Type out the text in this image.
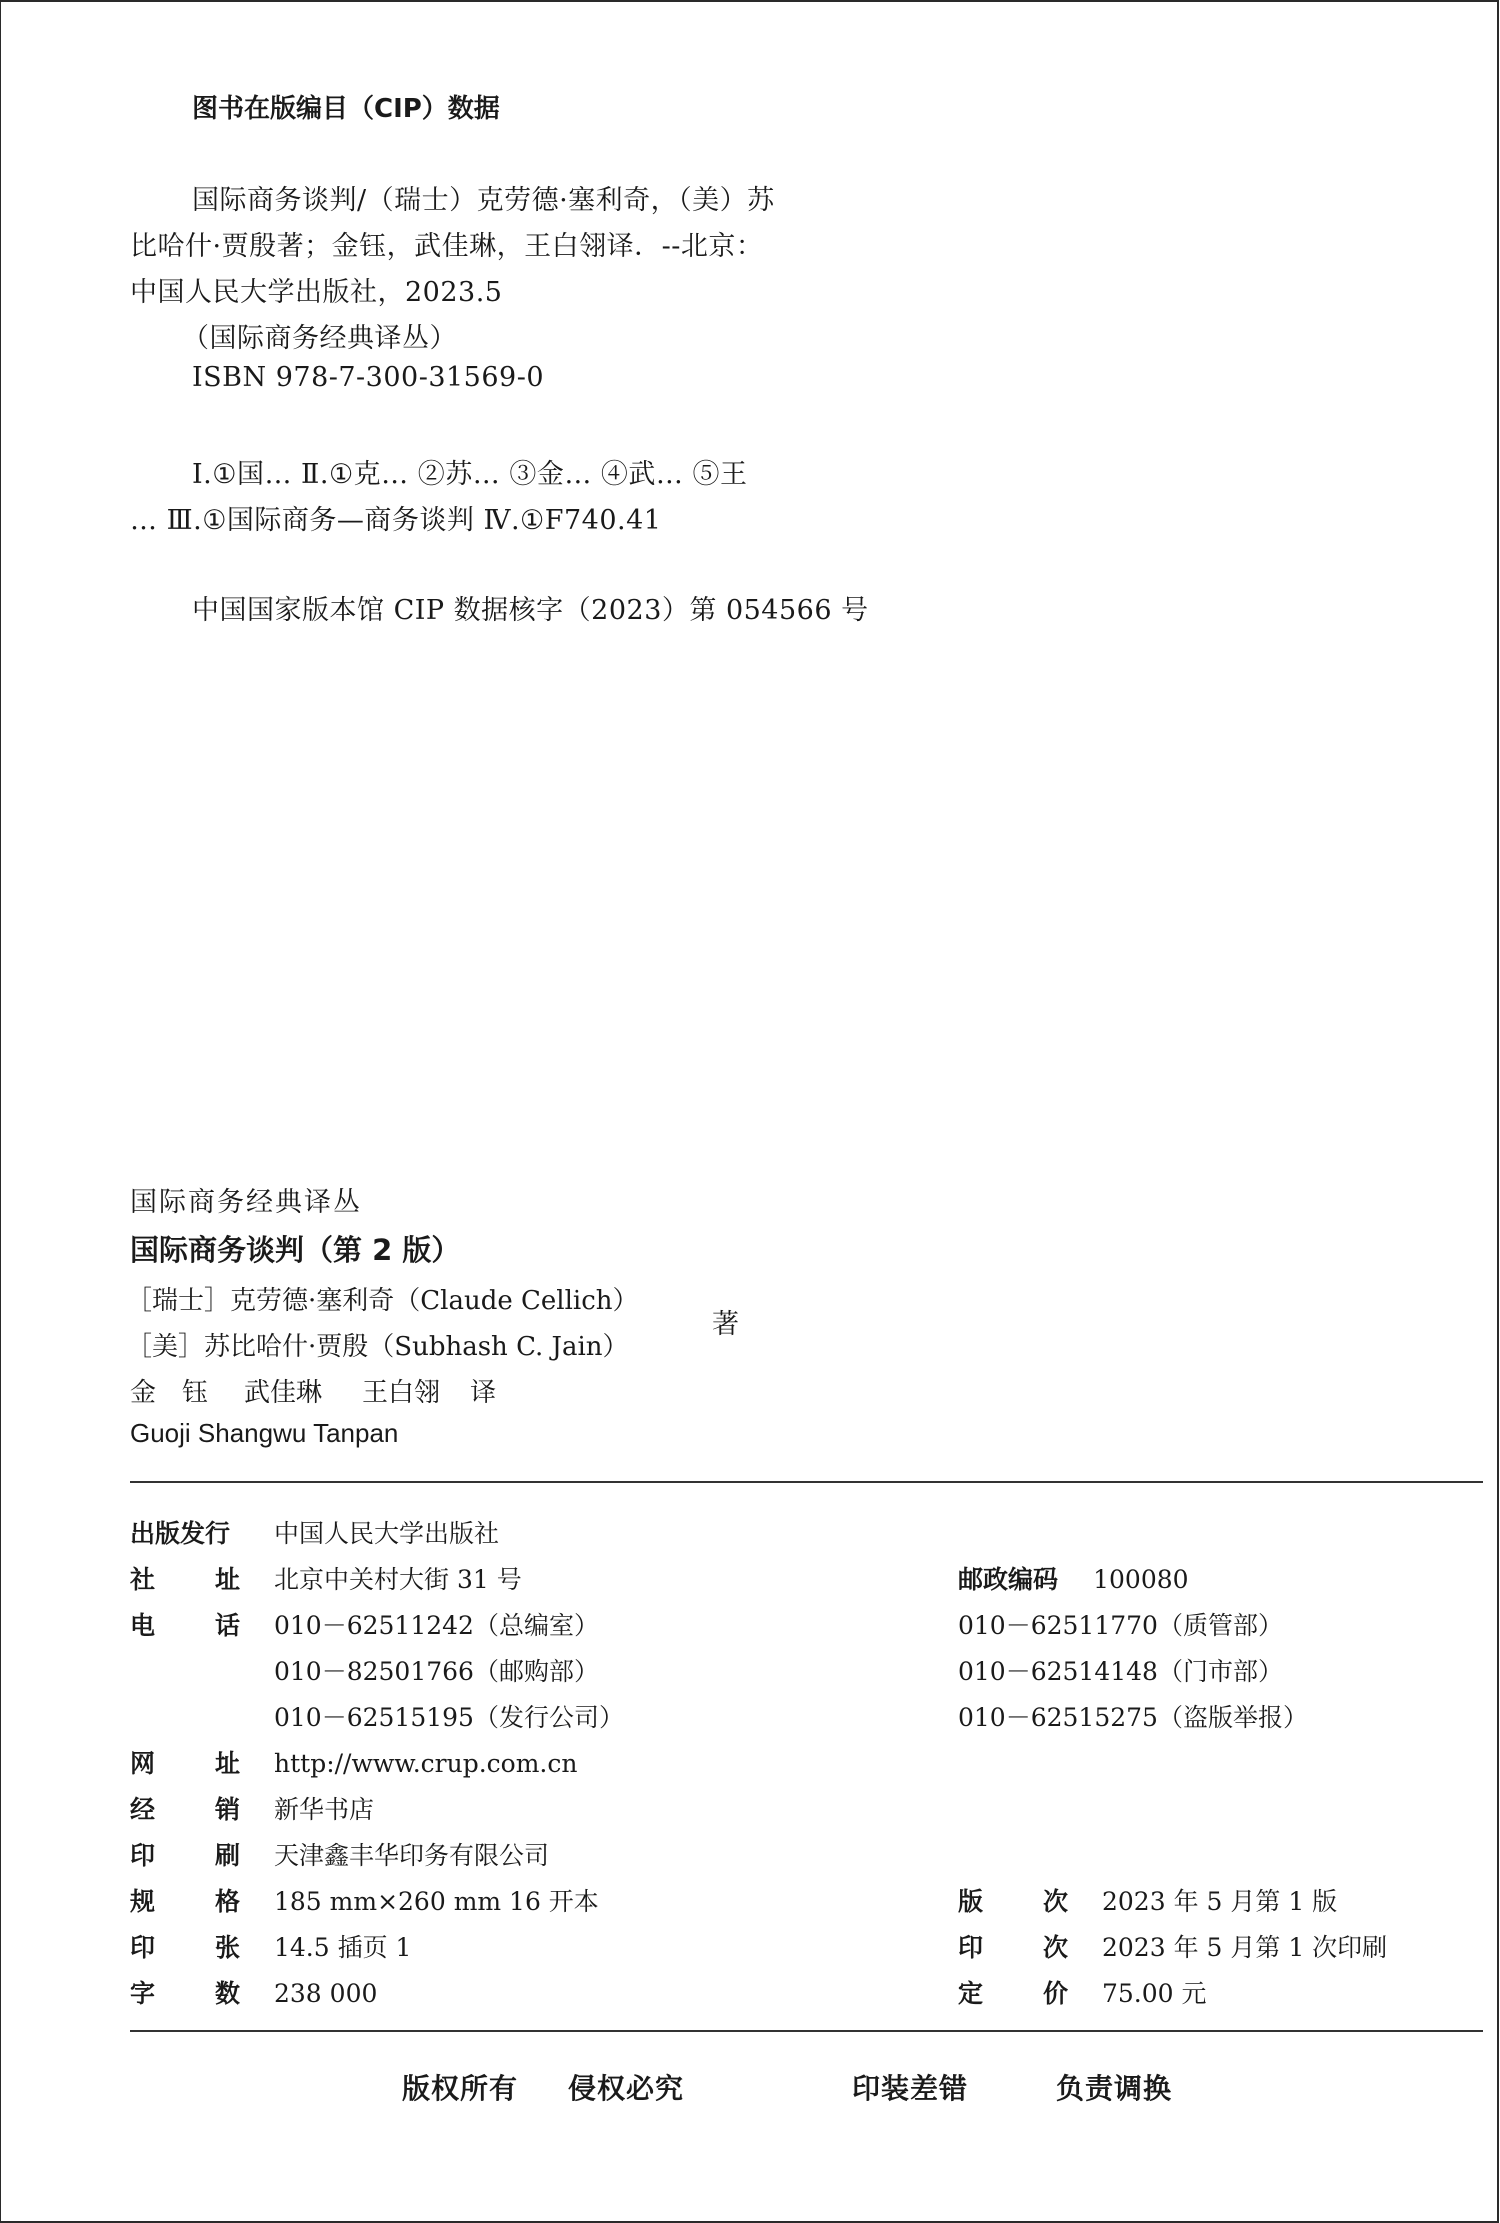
图书在版编目（CIP）数据
国际商务谈判/（瑞士）克劳德·塞利奇，（美）苏
比哈什·贾殷著；金钰，武佳琳，王白翎译．--北京：
中国人民大学出版社，2023.5
（国际商务经典译丛）
ISBN 978-7-300-31569-0
Ⅰ.①国… Ⅱ.①克… ②苏… ③金… ④武… ⑤王
… Ⅲ.①国际商务—商务谈判 Ⅳ.①F740.41
中国国家版本馆 CIP 数据核字（2023）第 054566 号
国际商务经典译丛
国际商务谈判（第 2 版）
［瑞士］克劳德·塞利奇（Claude Cellich）
［美］苏比哈什·贾殷（Subhash C. Jain）
著
金 钰 武佳琳 王白翎 译
Guoji Shangwu Tanpan
出版发行 中国人民大学出版社
社 址 北京中关村大街 31 号
电 话 010－62511242（总编室）
010－82501766（邮购部）
010－62515195（发行公司）
网 址 http://www.crup.com.cn
经 销 新华书店
印 刷 天津鑫丰华印务有限公司
规 格 185 mm×260 mm 16 开本
印 张 14.5 插页 1
字 数 238 000
邮政编码 100080
010－62511770（质管部）
010－62514148（门市部）
010－62515275（盗版举报）
版 次 2023 年 5 月第 1 版
印 次 2023 年 5 月第 1 次印刷
定 价 75.00 元
版权所有 侵权必究	印装差错	负责调换
